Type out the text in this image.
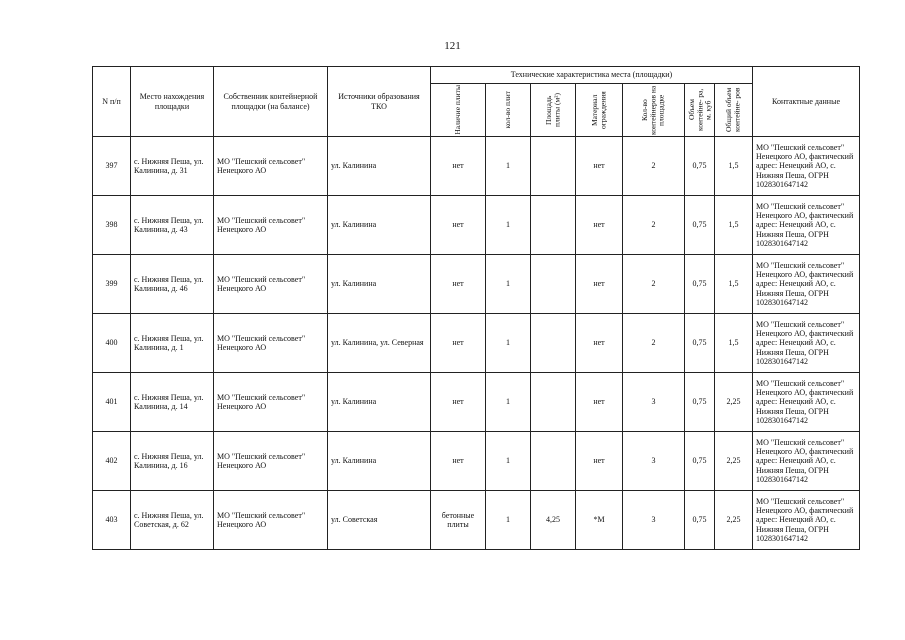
121
N п/п	Место нахождения площадки	Собственник контейнерной площадки (на балансе)	Источники образования ТКО	Технические характеристика места (площадки)							Контактные данные

				Наличие плиты	кол-во плит	Площадь плиты (м²)	Материал ограждения	Кол-во контейнеров на площадке	Объем контейне- ра, м. куб	Общий объем контейне- ров	

397	с. Нижняя Пеша, ул. Калинина, д. 31	МО "Пешский сельсовет" Ненецкого АО	ул. Калинина	нет	1		нет	2	0,75	1,5	МО "Пешский сельсовет" Ненецкого АО, фактический адрес: Ненецкий АО, с. Нижняя Пеша, ОГРН 1028301647142
398	с. Нижняя Пеша, ул. Калинина, д. 43	МО "Пешский сельсовет" Ненецкого АО	ул. Калинина	нет	1		нет	2	0,75	1,5	МО "Пешский сельсовет" Ненецкого АО, фактический адрес: Ненецкий АО, с. Нижняя Пеша, ОГРН 1028301647142
399	с. Нижняя Пеша, ул. Калинина, д. 46	МО "Пешский сельсовет" Ненецкого АО	ул. Калинина	нет	1		нет	2	0,75	1,5	МО "Пешский сельсовет" Ненецкого АО, фактический адрес: Ненецкий АО, с. Нижняя Пеша, ОГРН 1028301647142
400	с. Нижняя Пеша, ул. Калинина, д. 1	МО "Пешский сельсовет" Ненецкого АО	ул. Калинина, ул. Северная	нет	1		нет	2	0,75	1,5	МО "Пешский сельсовет" Ненецкого АО, фактический адрес: Ненецкий АО, с. Нижняя Пеша, ОГРН 1028301647142
401	с. Нижняя Пеша, ул. Калинина, д. 14	МО "Пешский сельсовет" Ненецкого АО	ул. Калинина	нет	1		нет	3	0,75	2,25	МО "Пешский сельсовет" Ненецкого АО, фактический адрес: Ненецкий АО, с. Нижняя Пеша, ОГРН 1028301647142
402	с. Нижняя Пеша, ул. Калинина, д. 16	МО "Пешский сельсовет" Ненецкого АО	ул. Калинина	нет	1		нет	3	0,75	2,25	МО "Пешский сельсовет" Ненецкого АО, фактический адрес: Ненецкий АО, с. Нижняя Пеша, ОГРН 1028301647142
403	с. Нижняя Пеша, ул. Советская, д. 62	МО "Пешский сельсовет" Ненецкого АО	ул. Советская	бетонные плиты	1	4,25	*М	3	0,75	2,25	МО "Пешский сельсовет" Ненецкого АО, фактический адрес: Ненецкий АО, с. Нижняя Пеша, ОГРН 1028301647142
